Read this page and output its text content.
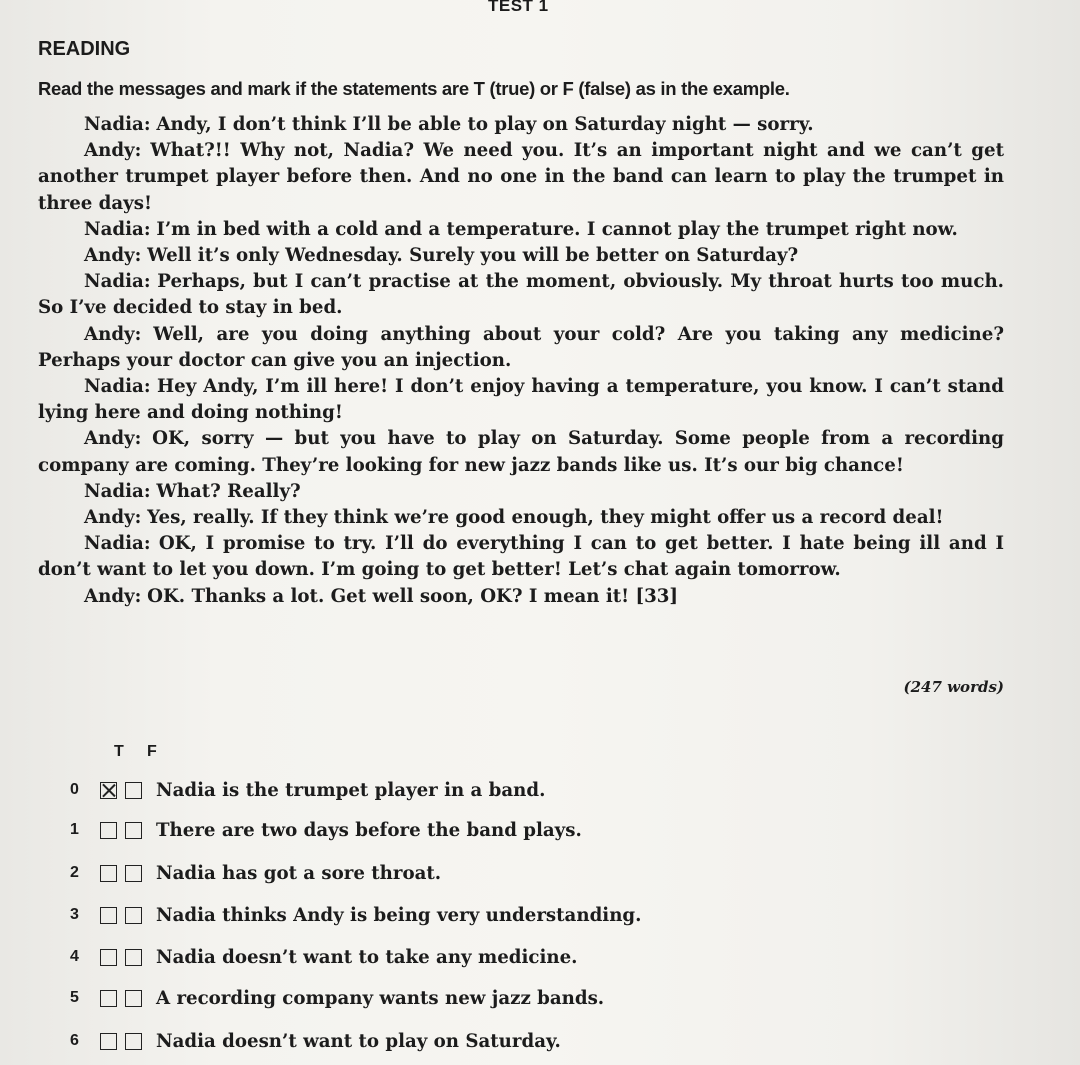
TEST 1
READING
Read the messages and mark if the statements are T (true) or F (false) as in the example.

Nadia: Andy, I don’t think I’ll be able to play on Saturday night — sorry.

Andy: What?!! Why not, Nadia? We need you. It’s an important night and we can’t get another trumpet player before then. And no one in the band can learn to play the trumpet in three days!

Nadia: I’m in bed with a cold and a temperature. I cannot play the trumpet right now.

Andy: Well it’s only Wednesday. Surely you will be better on Saturday?

Nadia: Perhaps, but I can’t practise at the moment, obviously. My throat hurts too much. So I’ve decided to stay in bed.

Andy: Well, are you doing anything about your cold? Are you taking any medicine? Perhaps your doctor can give you an injection.

Nadia: Hey Andy, I’m ill here! I don’t enjoy having a temperature, you know. I can’t stand lying here and doing nothing!

Andy: OK, sorry — but you have to play on Saturday. Some people from a recording company are coming. They’re looking for new jazz bands like us. It’s our big chance!

Nadia: What? Really?

Andy: Yes, really. If they think we’re good enough, they might offer us a record deal!

Nadia: OK, I promise to try. I’ll do everything I can to get better. I hate being ill and I don’t want to let you down. I’m going to get better! Let’s chat again tomorrow.

Andy: OK. Thanks a lot. Get well soon, OK? I mean it! [33]

(247 words)
T F
0	Nadia is the trumpet player in a band.
1	There are two days before the band plays.
2	Nadia has got a sore throat.
3	Nadia thinks Andy is being very understanding.
4	Nadia doesn’t want to take any medicine.
5	A recording company wants new jazz bands.
6	Nadia doesn’t want to play on Saturday.
